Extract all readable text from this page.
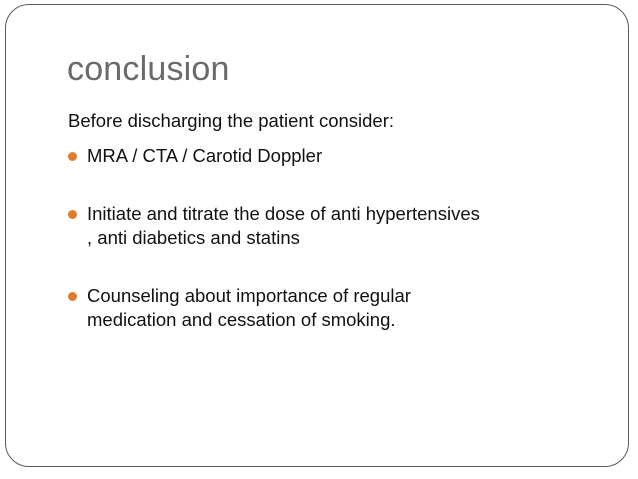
conclusion
Before discharging the patient consider:
MRA / CTA / Carotid Doppler
Initiate and titrate the dose of anti hypertensives
, anti diabetics and statins
Counseling about importance of regular
medication and cessation of smoking.
